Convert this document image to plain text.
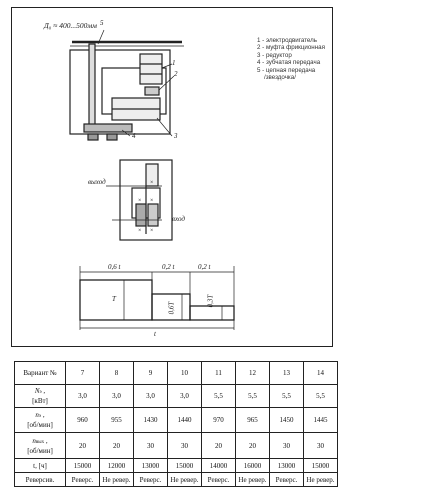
×
× ×
× ×
Д₀ ≈ 400...500мм 5
1
2
4	3
1 - электродвигатель
2 - муфта фрикционная
3 - редуктор
4 - зубчатая передача
5 - цепная передача
/звездочка/
выход
вход
0,6 t	0,2 t	0,2 t
t
T
0,6T
0,3T
Вариант №	7	8	9	10	11	12	13	14
Nэ ,
[кВт]	3,0	3,0	3,0	3,0	5,5	5,5	5,5	5,5
nэ ,
[об/мин]	960	955	1430	1440	970	965	1450	1445
nвых ,
[об/мин]	20	20	30	30	20	20	30	30
t, [ч]	15000	12000	13000	15000	14000	16000	13000	15000
Реверсив.	Реверс.	Не ревер.	Реверс.	Не ревер.	Реверс.	Не ревер.	Реверс.	Не ревер.
